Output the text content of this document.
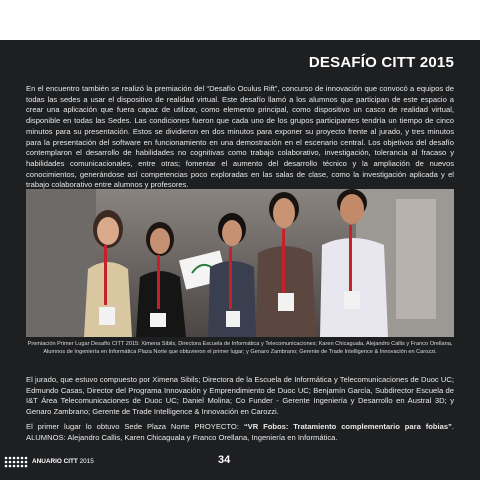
DESAFÍO CITT 2015

En el encuentro también se realizó la premiación del “Desafío Oculus Rift”, concurso de innovación que convocó a equipos de todas las sedes a usar el dispositivo de realidad virtual. Este desafío llamó a los alumnos que participan de este espacio a crear una aplicación que fuera capaz de utilizar, como elemento principal, como dispositivo un casco de realidad virtual, disponible en todas las Sedes. Las condiciones fueron que cada uno de los grupos participantes tendría un tiempo de cinco minutos para su presentación. Estos se dividieron en dos minutos para exponer su proyecto frente al jurado, y tres minutos para la presentación del software en funcionamiento en una demostración en el escenario central. Los objetivos del desafío contemplaron el desarrollo de habilidades no cognitivas como trabajo colaborativo, investigación, tolerancia al fracaso y habilidades comunicacionales, entre otras; fomentar el aumento del desarrollo técnico y la ampliación de nuevos conocimientos, generándose así competencias poco exploradas en las salas de clase, como la investigación aplicada y el trabajo colaborativo entre alumnos y profesores.

Premiación Primer Lugar Desafío CITT 2015: Ximena Sibils, Directora Escuela de Informática y Telecomunicaciones; Karen Chicaguala, Alejandro Callis y Franco Orellana, Alumnos de Ingeniería en Informática Plaza Norte que obtuvieron el primer lugar; y Genaro Zambrano; Gerente de Trade Intelligence & Innovación en Carozzi.

El jurado, que estuvo compuesto por Ximena Sibils; Directora de la Escuela de Informática y Telecomunicaciones de Duoc UC; Edmundo Casas, Director del Programa Innovación y Emprendimiento de Duoc UC; Benjamín García, Subdirector Escuela de I&T Área Telecomunicaciones de Duoc UC; Daniel Molina; Co Funder - Gerente Ingeniería y Desarrollo en Austral 3D; y Genaro Zambrano; Gerente de Trade Intelligence & Innovación en Carozzi.

El primer lugar lo obtuvo Sede Plaza Norte PROYECTO: “VR Fobos: Tratamiento complementario para fobias”. ALUMNOS: Alejandro Callis, Karen Chicaguala y Franco Orellana, Ingeniería en Informática.

ANUARIO CITT 2015	34
